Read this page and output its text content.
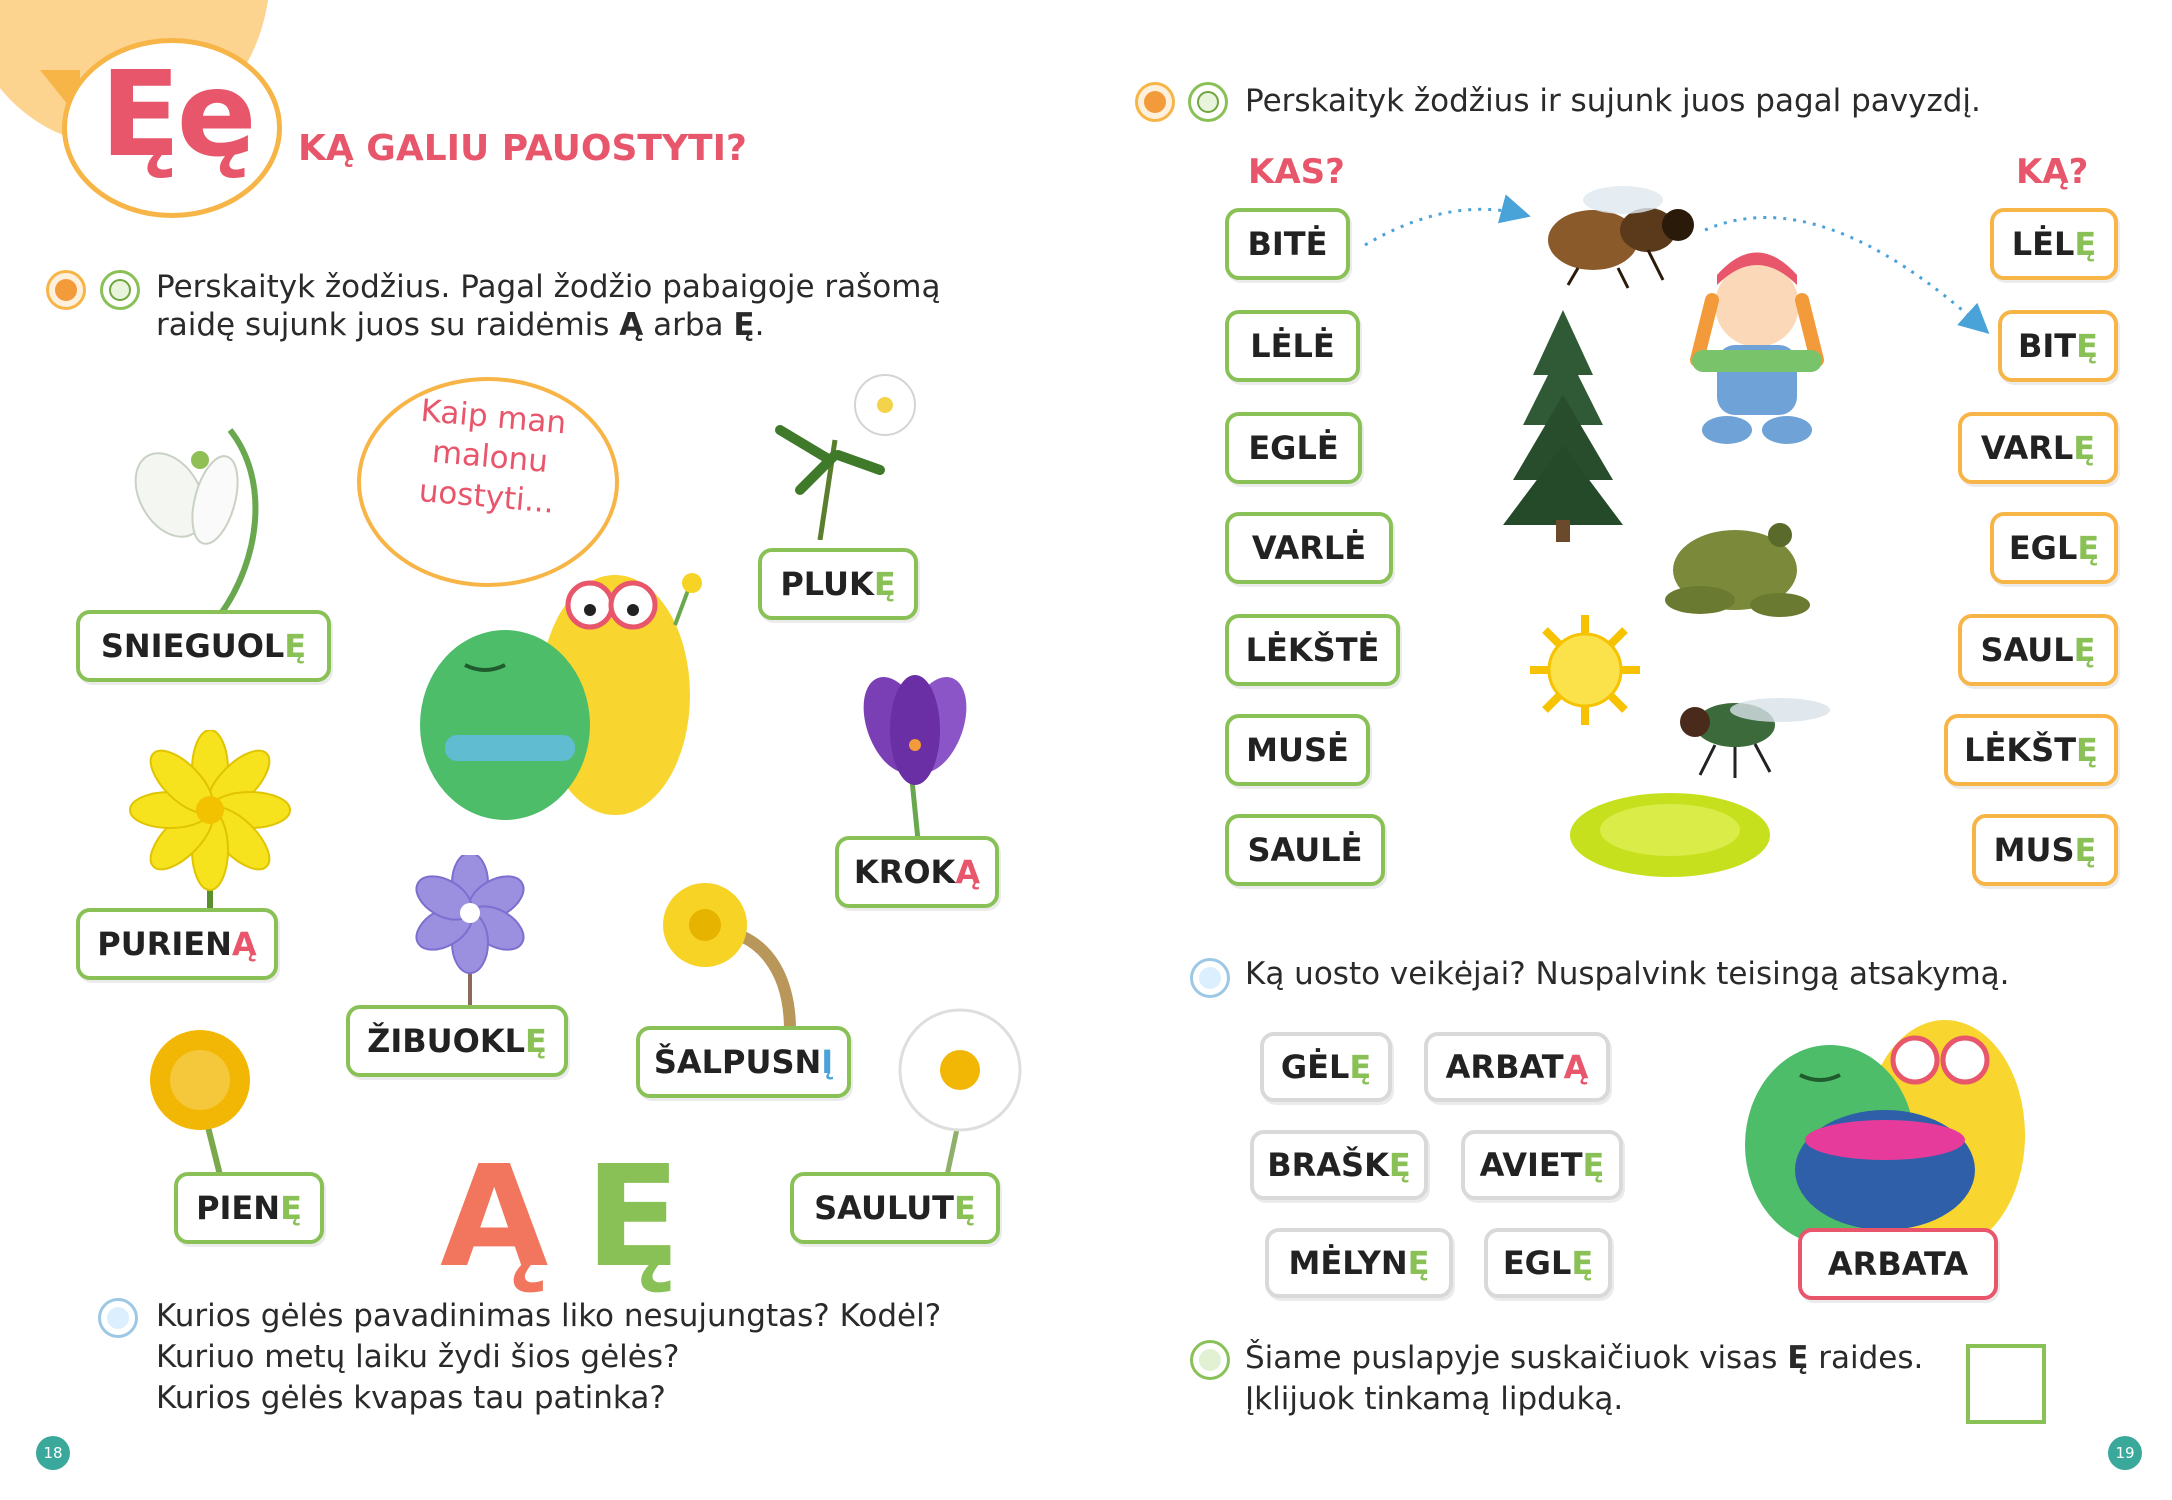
Ęę KĄ GALIU PAUOSTYTI?
Perskaityk žodžius. Pagal žodžio pabaigoje rašomą
raidę sujunk juos su raidėmis Ą arba Ę.
Kaip man malonu uostyti...
SNIEGUOL Ę
PLUK Ę
PURIEN Ą
KROK Ą
ŽIBUOKL Ę
ŠALPUSN Į
PIEN Ę	SAULUT Ę
Ą Ę
Kurios gėlės pavadinimas liko nesujungtas? Kodėl?
Kuriuo metų laiku žydi šios gėlės?
Kurios gėlės kvapas tau patinka?
18
Perskaityk žodžius ir sujunk juos pagal pavyzdį.
KAS?	KĄ?
BITĖ
LĖLĖ
EGLĖ
VARLĖ
LĖKŠTĖ
MUSĖ
SAULĖ
LĖL Ę
BIT Ę
VARL Ę
EGL Ę
SAUL Ę
LĖKŠT Ę
MUS Ę
Ką uosto veikėjai? Nuspalvink teisingą atsakymą.
GĖL Ę ARBAT Ą
BRAŠK Ę AVIET Ę
MĖLYN Ę EGL Ę	ARBATA
Šiame puslapyje suskaičiuok visas Ę raides.
Įklijuok tinkamą lipduką.
19
